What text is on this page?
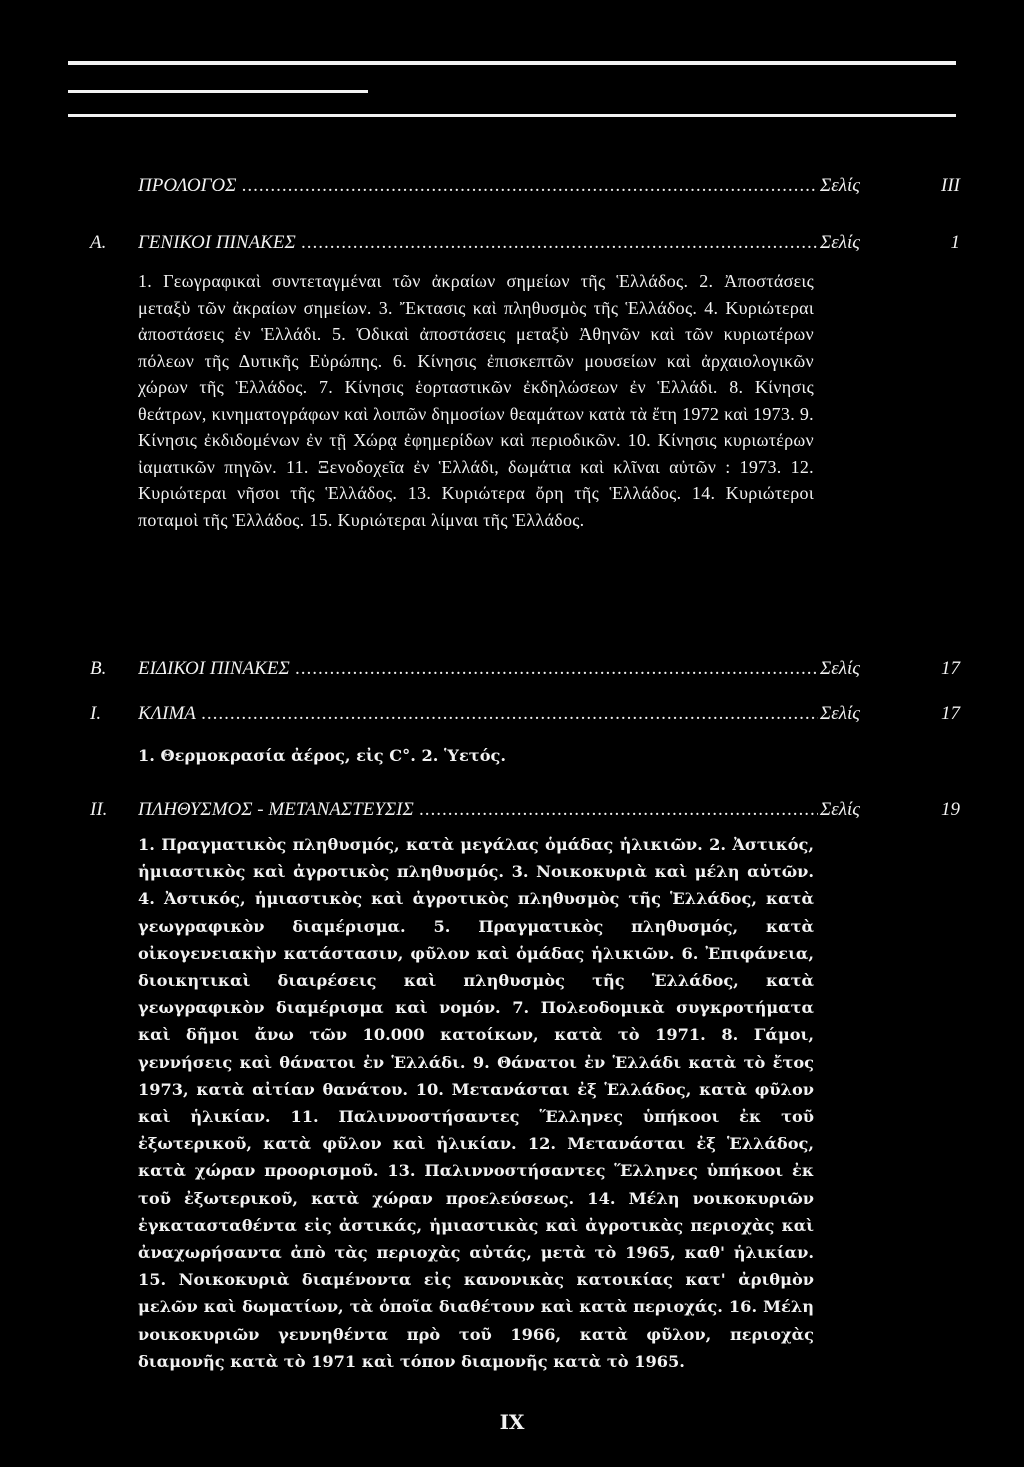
ΠΡΟΛΟΓΟΣ .....	Σελίς	ΙΙΙ
Α.	ΓΕΝΙΚΟΙ ΠΙΝΑΚΕΣ .....	Σελίς	1

1. Γεωγραφικαὶ συντεταγμέναι τῶν ἀκραίων σημείων τῆς Ἑλλάδος. 2. Ἀποστάσεις μεταξὺ τῶν ἀκραίων σημείων. 3. Ἔκτασις καὶ πληθυσμὸς τῆς Ἑλλάδος. 4. Κυριώτεραι ἀποστάσεις ἐν Ἑλλάδι. 5. Ὁδικαὶ ἀποστάσεις μεταξὺ Ἀθηνῶν καὶ τῶν κυριωτέρων πόλεων τῆς Δυτικῆς Εὐρώπης. 6. Κίνησις ἐπισκεπτῶν μουσείων καὶ ἀρχαιολογικῶν χώρων τῆς Ἑλλάδος. 7. Κίνησις ἑορταστικῶν ἐκδηλώσεων ἐν Ἑλλάδι. 8. Κίνησις θεάτρων, κινηματογράφων καὶ λοιπῶν δημοσίων θεαμάτων κατὰ τὰ ἔτη 1972 καὶ 1973. 9. Κίνησις ἐκδιδομένων ἐν τῇ Χώρᾳ ἐφημερίδων καὶ περιοδικῶν. 10. Κίνησις κυριωτέρων ἰαματικῶν πηγῶν. 11. Ξενοδοχεῖα ἐν Ἑλλάδι, δωμάτια καὶ κλῖναι αὐτῶν : 1973. 12. Κυριώτεραι νῆσοι τῆς Ἑλλάδος. 13. Κυριώτερα ὄρη τῆς Ἑλλάδος. 14. Κυριώτεροι ποταμοὶ τῆς Ἑλλάδος. 15. Κυριώτεραι λίμναι τῆς Ἑλλάδος.

Β.	ΕΙΔΙΚΟΙ ΠΙΝΑΚΕΣ .....	Σελίς	17
Ι.	ΚΛΙΜΑ .....	Σελίς	17

1. Θερμοκρασία ἀέρος, εἰς C°. 2. Ὑετός.

ΙΙ.	ΠΛΗΘΥΣΜΟΣ - ΜΕΤΑΝΑΣΤΕΥΣΙΣ .....	Σελίς	19

1. Πραγματικὸς πληθυσμός, κατὰ μεγάλας ὁμάδας ἡλικιῶν. 2. Ἀστικός, ἡμιαστικὸς καὶ ἀγροτικὸς πληθυσμός. 3. Νοικοκυριὰ καὶ μέλη αὐτῶν. 4. Ἀστικός, ἡμιαστικὸς καὶ ἀγροτικὸς πληθυσμὸς τῆς Ἑλλάδος, κατὰ γεωγραφικὸν διαμέρισμα. 5. Πραγματικὸς πληθυσμός, κατὰ οἰκογενειακὴν κατάστασιν, φῦλον καὶ ὁμάδας ἡλικιῶν. 6. Ἐπιφάνεια, διοικητικαὶ διαιρέσεις καὶ πληθυσμὸς τῆς Ἑλλάδος, κατὰ γεωγραφικὸν διαμέρισμα καὶ νομόν. 7. Πολεοδομικὰ συγκροτήματα καὶ δῆμοι ἄνω τῶν 10.000 κατοίκων, κατὰ τὸ 1971. 8. Γάμοι, γεννήσεις καὶ θάνατοι ἐν Ἑλλάδι. 9. Θάνατοι ἐν Ἑλλάδι κατὰ τὸ ἔτος 1973, κατὰ αἰτίαν θανάτου. 10. Μετανάσται ἐξ Ἑλλάδος, κατὰ φῦλον καὶ ἡλικίαν. 11. Παλιννοστήσαντες Ἕλληνες ὑπήκοοι ἐκ τοῦ ἐξωτερικοῦ, κατὰ φῦλον καὶ ἡλικίαν. 12. Μετανάσται ἐξ Ἑλλάδος, κατὰ χώραν προορισμοῦ. 13. Παλιννοστήσαντες Ἕλληνες ὑπήκοοι ἐκ τοῦ ἐξωτερικοῦ, κατὰ χώραν προελεύσεως. 14. Μέλη νοικοκυριῶν ἐγκατασταθέντα εἰς ἀστικάς, ἡμιαστικὰς καὶ ἀγροτικὰς περιοχὰς καὶ ἀναχωρήσαντα ἀπὸ τὰς περιοχὰς αὐτάς, μετὰ τὸ 1965, καθ' ἡλικίαν. 15. Νοικοκυριὰ διαμένοντα εἰς κανονικὰς κατοικίας κατ' ἀριθμὸν μελῶν καὶ δωματίων, τὰ ὁποῖα διαθέτουν καὶ κατὰ περιοχάς. 16. Μέλη νοικοκυριῶν γεννηθέντα πρὸ τοῦ 1966, κατὰ φῦλον, περιοχὰς διαμονῆς κατὰ τὸ 1971 καὶ τόπον διαμονῆς κατὰ τὸ 1965.

IX
